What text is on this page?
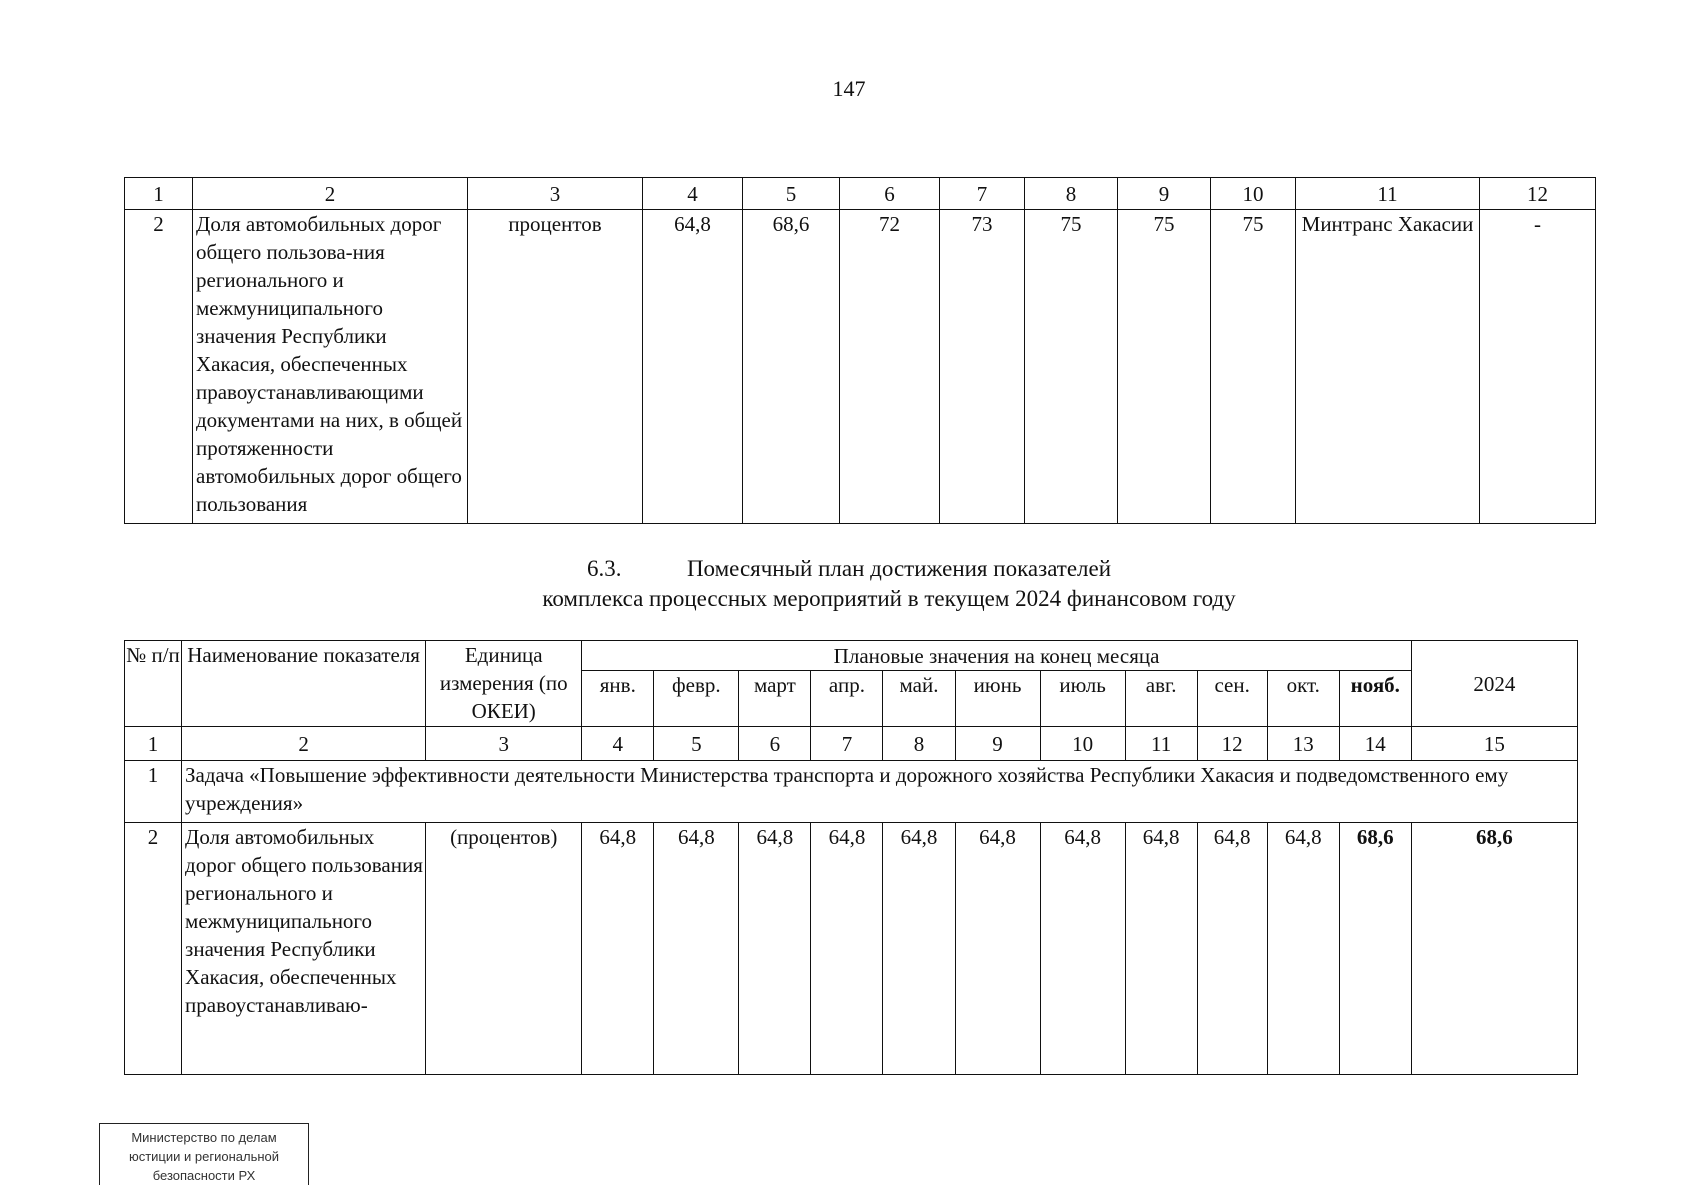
147
1	2	3	4	5	6	7	8	9	10	11	12
2	Доля автомобильных дорог общего пользова-ния регионального и межмуниципального значения Республики Хакасия, обеспеченных правоустанавливающими документами на них, в общей протяженности автомобильных дорог общего пользования	процентов	64,8	68,6	72	73	75	75	75	Минтранс Хакасии	-
6.3.	Помесячный план достижения показателей
комплекса процессных мероприятий в текущем 2024 финансовом году
№ п/п	Наименование показателя	Единица измерения (по ОКЕИ)	Плановые значения на конец месяца											2024
			янв.	февр.	март	апр.	май.	июнь	июль	авг.	сен.	окт.	нояб.	
1	2	3	4	5	6	7	8	9	10	11	12	13	14	15
1	Задача «Повышение эффективности деятельности Министерства транспорта и дорожного хозяйства Республики Хакасия и подведомственного ему учреждения»													
2	Доля автомобильных дорог общего пользования регионального и межмуниципального значения Республики Хакасия, обеспеченных правоустанавливаю-	(процентов)	64,8	64,8	64,8	64,8	64,8	64,8	64,8	64,8	64,8	64,8	68,6	68,6
Министерство по делам
юстиции и региональной
безопасности РХ
